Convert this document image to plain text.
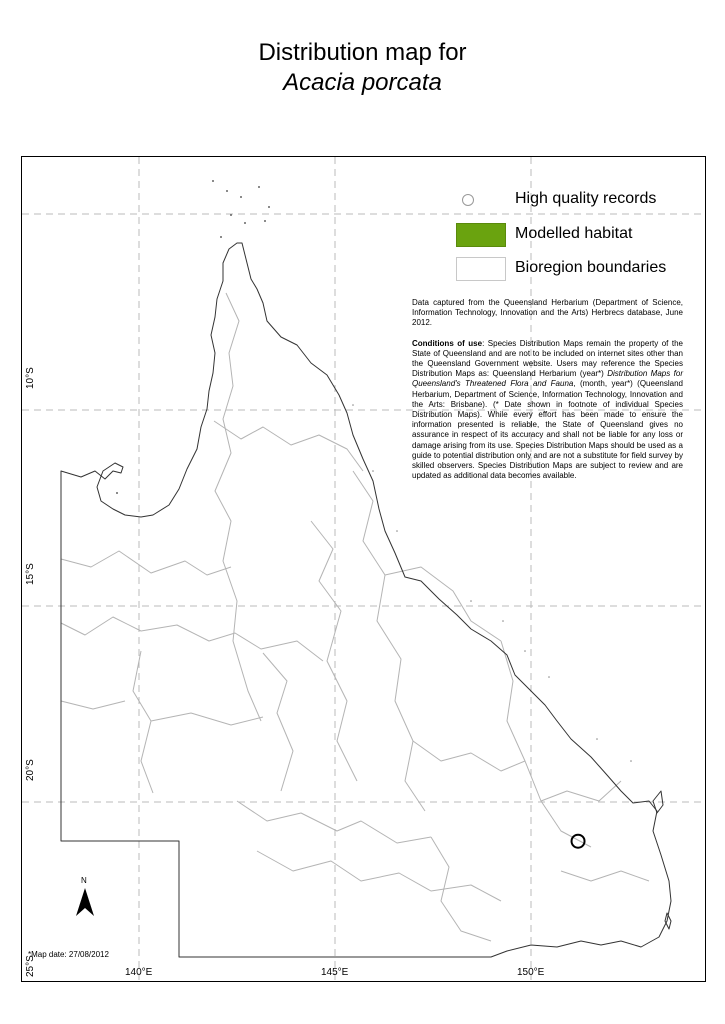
Distribution map for
Acacia porcata
10°S
15°S
20°S
25°S	140°E	145°E	150°E
High quality records
Modelled habitat
Bioregion boundaries

Data captured from the Queensland Herbarium (Department of Science, Information Technology, Innovation and the Arts) Herbrecs database, June 2012.

Conditions of use: Species Distribution Maps remain the property of the State of Queensland and are not to be included on internet sites other than the Queensland Government website. Users may reference the Species Distribution Maps as: Queensland Herbarium (year*) Distribution Maps for Queensland's Threatened Flora and Fauna, (month, year*) (Queensland Herbarium, Department of Science, Information Technology, Innovation and the Arts: Brisbane). (* Date shown in footnote of individual Species Distribution Maps). While every effort has been made to ensure the information presented is reliable, the State of Queensland gives no assurance in respect of its accuracy and shall not be liable for any loss or damage arising from its use. Species Distribution Maps should be used as a guide to potential distribution only and are not a substitute for field survey by skilled observers. Species Distribution Maps are subject to review and are updated as additional data becomes available.

N
*Map date: 27/08/2012
